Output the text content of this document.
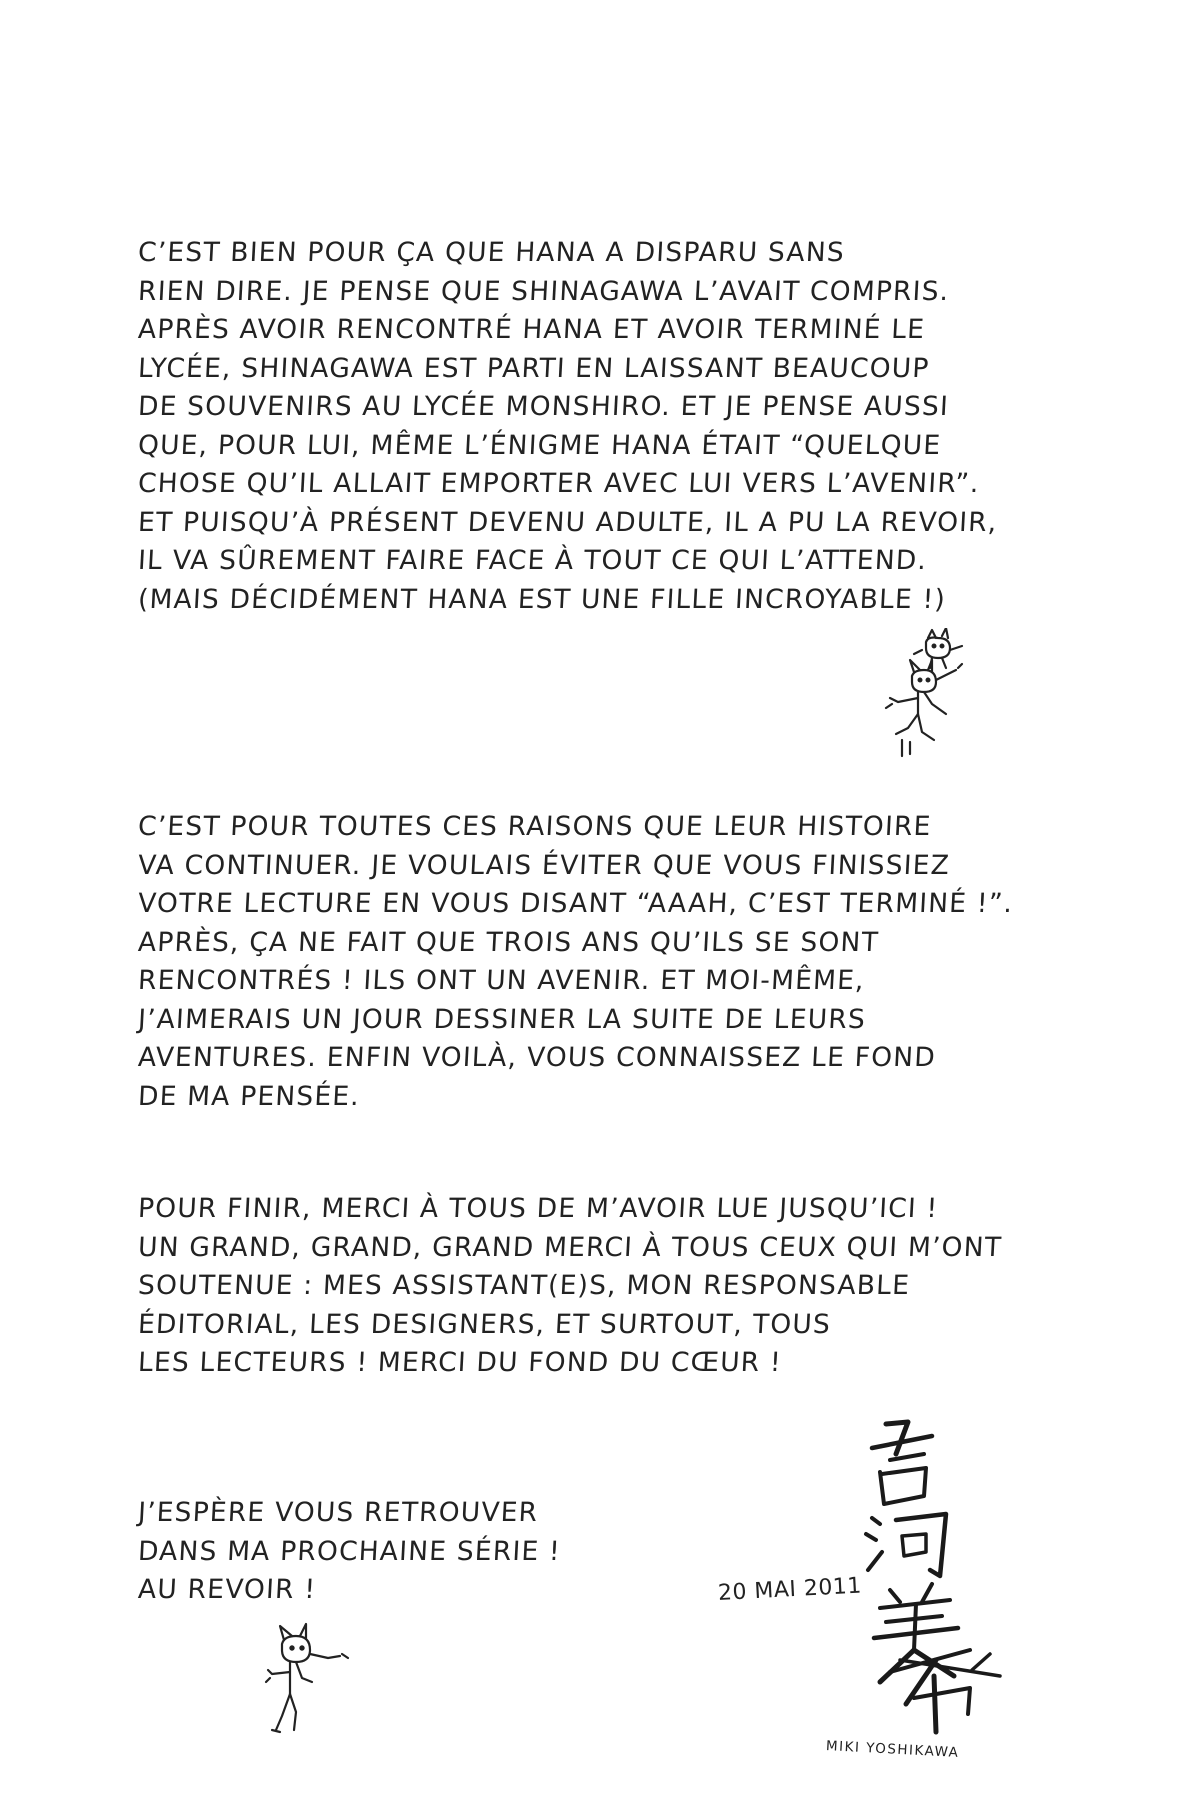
C’EST BIEN POUR ÇA QUE HANA A DISPARU SANS
RIEN DIRE. JE PENSE QUE SHINAGAWA L’AVAIT COMPRIS.
APRÈS AVOIR RENCONTRÉ HANA ET AVOIR TERMINÉ LE
LYCÉE, SHINAGAWA EST PARTI EN LAISSANT BEAUCOUP
DE SOUVENIRS AU LYCÉE MONSHIRO. ET JE PENSE AUSSI
QUE, POUR LUI, MÊME L’ÉNIGME HANA ÉTAIT “QUELQUE
CHOSE QU’IL ALLAIT EMPORTER AVEC LUI VERS L’AVENIR”.
ET PUISQU’À PRÉSENT DEVENU ADULTE, IL A PU LA REVOIR,
IL VA SÛREMENT FAIRE FACE À TOUT CE QUI L’ATTEND.
(MAIS DÉCIDÉMENT HANA EST UNE FILLE INCROYABLE !)
C’EST POUR TOUTES CES RAISONS QUE LEUR HISTOIRE
VA CONTINUER. JE VOULAIS ÉVITER QUE VOUS FINISSIEZ
VOTRE LECTURE EN VOUS DISANT “AAAH, C’EST TERMINÉ !”.
APRÈS, ÇA NE FAIT QUE TROIS ANS QU’ILS SE SONT
RENCONTRÉS ! ILS ONT UN AVENIR. ET MOI-MÊME,
J’AIMERAIS UN JOUR DESSINER LA SUITE DE LEURS
AVENTURES. ENFIN VOILÀ, VOUS CONNAISSEZ LE FOND
DE MA PENSÉE.
POUR FINIR, MERCI À TOUS DE M’AVOIR LUE JUSQU’ICI !
UN GRAND, GRAND, GRAND MERCI À TOUS CEUX QUI M’ONT
SOUTENUE : MES ASSISTANT(E)S, MON RESPONSABLE
ÉDITORIAL, LES DESIGNERS, ET SURTOUT, TOUS
LES LECTEURS ! MERCI DU FOND DU CŒUR !
J’ESPÈRE VOUS RETROUVER
DANS MA PROCHAINE SÉRIE !
AU REVOIR !	20 MAI 2011
MIKI YOSHIKAWA
